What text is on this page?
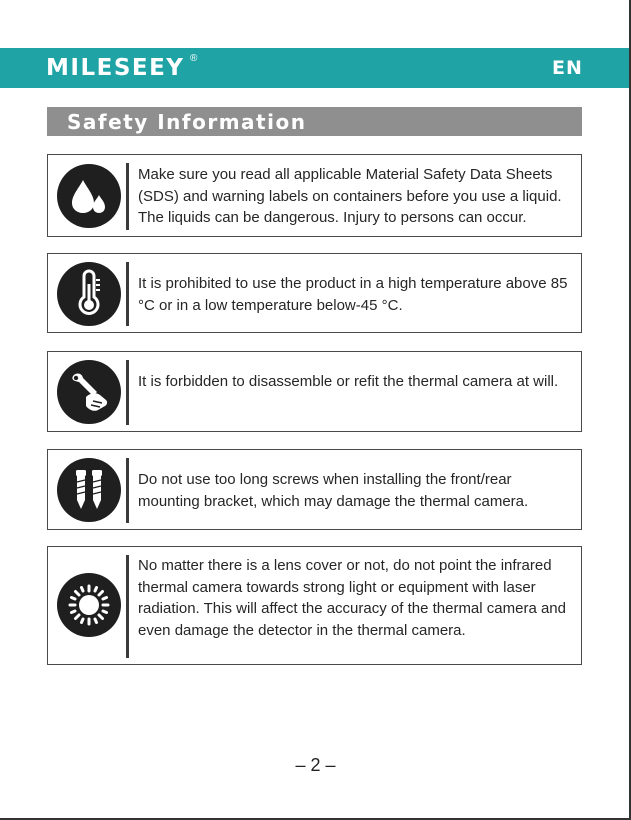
MILESEEY ®	EN
Safety Information
Make sure you read all applicable Material Safety Data Sheets (SDS) and warning labels on containers before you use a liquid. The liquids can be dangerous. Injury to persons can occur.
It is prohibited to use the product in a high temperature above 85 °C or in a low temperature below-45 °C.
It is forbidden to disassemble or refit the thermal camera at will.
Do not use too long screws when installing the front/rear mounting bracket, which may damage the thermal camera.
No matter there is a lens cover or not, do not point the infrared thermal camera towards strong light or equipment with laser radiation. This will affect the accuracy of the thermal camera and even damage the detector in the thermal camera.
– 2 –
